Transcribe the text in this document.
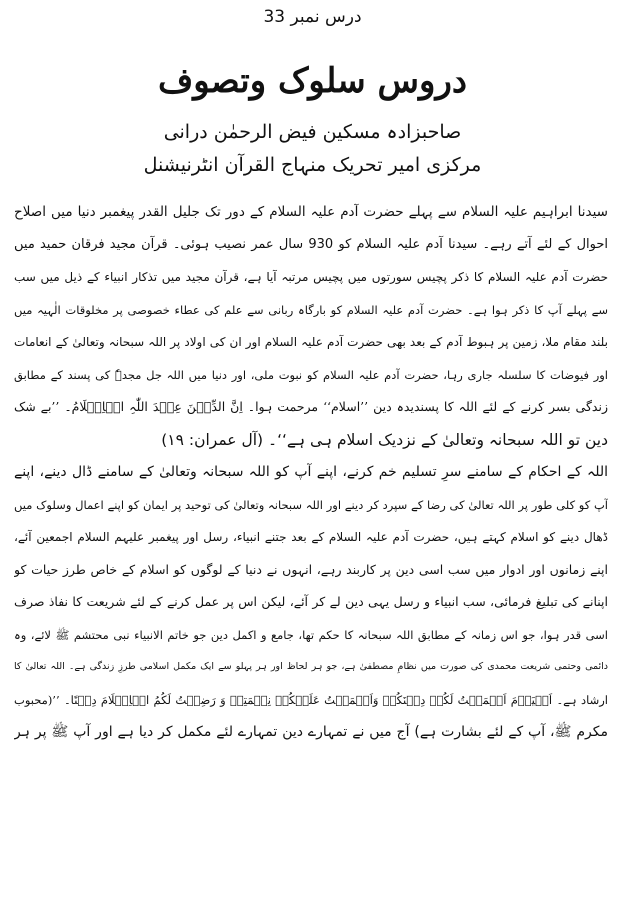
درس نمبر 33
دروس سلوک وتصوف
صاحبزادہ مسکین فیض الرحمٰن درانی
مرکزی امیر تحریک منہاج القرآن انٹرنیشنل
سیدنا ابراہیم علیہ السلام سے پہلے حضرت آدم علیہ السلام کے دور تک جلیل القدر پیغمبر دنیا میں اصلاح
احوال کے لئے آتے رہے۔ سیدنا آدم علیہ السلام کو 930 سال عمر نصیب ہوئی۔ قرآن مجید فرقان حمید میں
حضرت آدم علیہ السلام کا ذکر پچیس سورتوں میں پچیس مرتبہ آیا ہے، قرآن مجید میں تذکار انبیاء کے ذیل میں سب
سے پہلے آپ کا ذکر ہوا ہے۔ حضرت آدم علیہ السلام کو بارگاہ ربانی سے علم کی عطاء خصوصی پر مخلوقات الٰہیہ میں
بلند مقام ملا، زمین پر ہبوط آدم کے بعد بھی حضرت آدم علیہ السلام اور ان کی اولاد پر اللہ سبحانہ وتعالیٰ کے انعامات
اور فیوضات کا سلسلہ جاری رہا، حضرت آدم علیہ السلام کو نبوت ملی، اور دنیا میں اللہ جل مجدہٗ کی پسند کے مطابق
زندگی بسر کرنے کے لئے اللہ کا پسندیدہ دین ’’اسلام‘‘ مرحمت ہوا۔ اِنَّ الدِّیۡنَ عِنۡدَ اللّٰہِ الۡاِسۡلَامُ۔ ’’بے شک
دین تو اللہ سبحانہ وتعالیٰ کے نزدیک اسلام ہی ہے‘‘۔ (آل عمران: ۱۹)
اللہ کے احکام کے سامنے سرِ تسلیم خم کرنے، اپنے آپ کو اللہ سبحانہ وتعالیٰ کے سامنے ڈال دینے، اپنے
آپ کو کلی طور پر اللہ تعالیٰ کی رضا کے سپرد کر دینے اور اللہ سبحانہ وتعالیٰ کی توحید پر ایمان کو اپنے اعمال وسلوک میں
ڈھال دینے کو اسلام کہتے ہیں، حضرت آدم علیہ السلام کے بعد جتنے انبیاء، رسل اور پیغمبر علیہم السلام اجمعین آئے،
اپنے زمانوں اور ادوار میں سب اسی دین پر کاربند رہے، انہوں نے دنیا کے لوگوں کو اسلام کے خاص طرز حیات کو
اپنانے کی تبلیغ فرمائی، سب انبیاء و رسل یہی دین لے کر آئے، لیکن اس پر عمل کرنے کے لئے شریعت کا نفاذ صرف
اسی قدر ہوا، جو اس زمانہ کے مطابق اللہ سبحانہ کا حکم تھا، جامع و اکمل دین جو خاتم الانبیاء نبی محتشم ﷺ لائے، وہ
دائمی وحتمی شریعت محمدی کی صورت میں نظامِ مصطفیٰ ہے، جو ہر لحاظ اور ہر پہلو سے ایک مکمل اسلامی طرزِ زندگی ہے۔ اللہ تعالیٰ کا
ارشاد ہے۔ اَلۡیَوۡمَ اَکۡمَلۡتُ لَکُمۡ دِیۡنَکُمۡ وَاَتۡمَمۡتُ عَلَیۡکُمۡ نِعۡمَتِیۡ وَ رَضِیۡتُ لَکُمُ الۡاِسۡلَامَ دِیۡنًا۔ ’’(محبوب
مکرم ﷺ، آپ کے لئے بشارت ہے) آج میں نے تمہارے دین تمہارے لئے مکمل کر دیا ہے اور آپ ﷺ پر ہر
